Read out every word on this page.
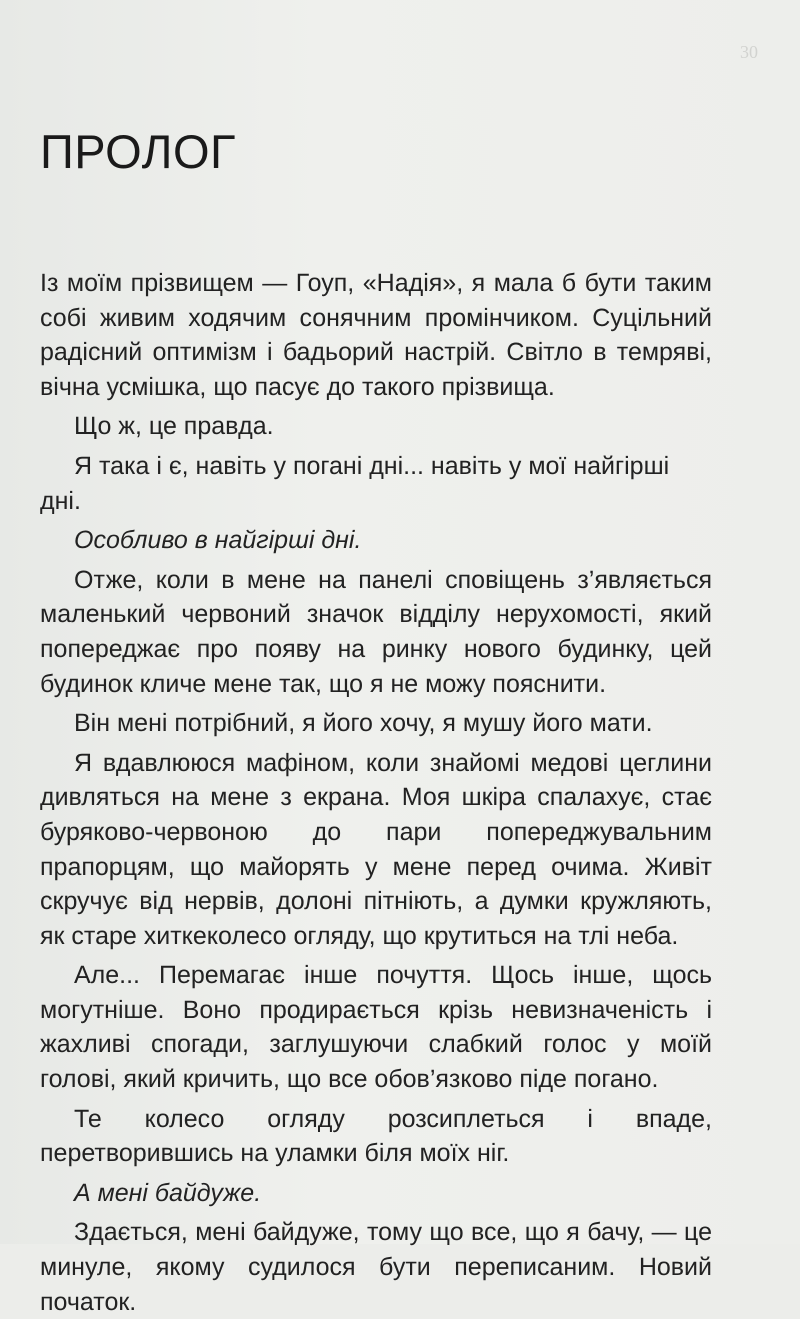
30
ПРОЛОГ

Із моїм прізвищем — Гоуп, «Надія», я мала б бути таким собі живим ходячим сонячним промінчиком. Суцільний радісний оптимізм і бадьорий настрій. Світло в темряві, вічна усмішка, що пасує до такого прізвища.

Що ж, це правда.

Я така і є, навіть у погані дні... навіть у мої найгірші дні.

Особливо в найгірші дні.

Отже, коли в мене на панелі сповіщень з’являється маленький червоний значок відділу нерухомості, який попереджає про появу на ринку нового будинку, цей будинок кличе мене так, що я не можу пояснити.

Він мені потрібний, я його хочу, я мушу його мати.

Я вдавлююся мафіном, коли знайомі медові цеглини дивляться на мене з екрана. Моя шкіра спалахує, стає буряково-червоною до пари попереджувальним прапорцям, що майорять у мене перед очима. Живіт скручує від нервів, долоні пітніють, а думки кружляють, як старе хиткеколесо огляду, що крутиться на тлі неба.

Але... Перемагає інше почуття. Щось інше, щось могутніше. Воно продирається крізь невизначеність і жахливі спогади, заглушуючи слабкий голос у моїй голові, який кричить, що все обов’язково піде погано.

Те колесо огляду розсиплеться і впаде, перетворившись на уламки біля моїх ніг.

А мені байдуже.

Здається, мені байдуже, тому що все, що я бачу, — це минуле, якому судилося бути переписаним. Новий початок.
